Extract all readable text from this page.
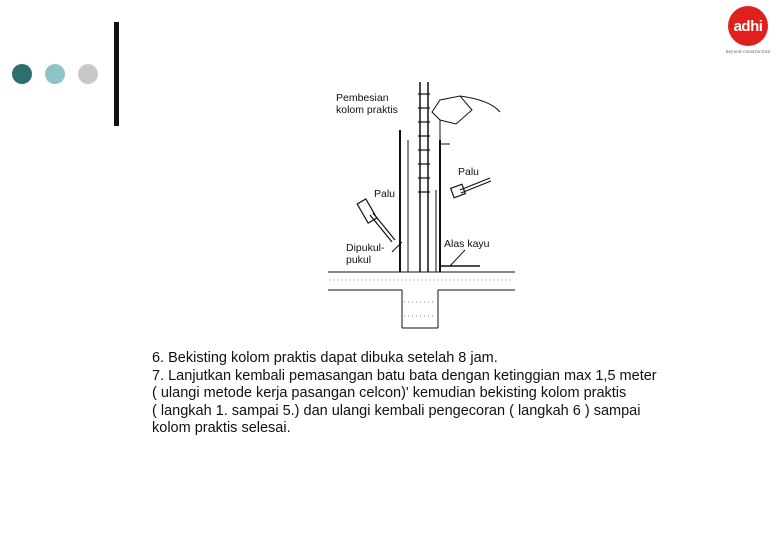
adhi
beyond construction
Pembesian
kolom praktis
Palu
Palu
Dipukul-
pukul
Alas kayu

6. Bekisting kolom praktis dapat dibuka setelah 8 jam.

7. Lanjutkan kembali pemasangan batu bata dengan ketinggian max 1,5 meter

( ulangi metode kerja pasangan celcon)' kemudian bekisting kolom praktis

( langkah 1. sampai 5.) dan ulangi kembali pengecoran ( langkah 6 ) sampai

kolom praktis selesai.
